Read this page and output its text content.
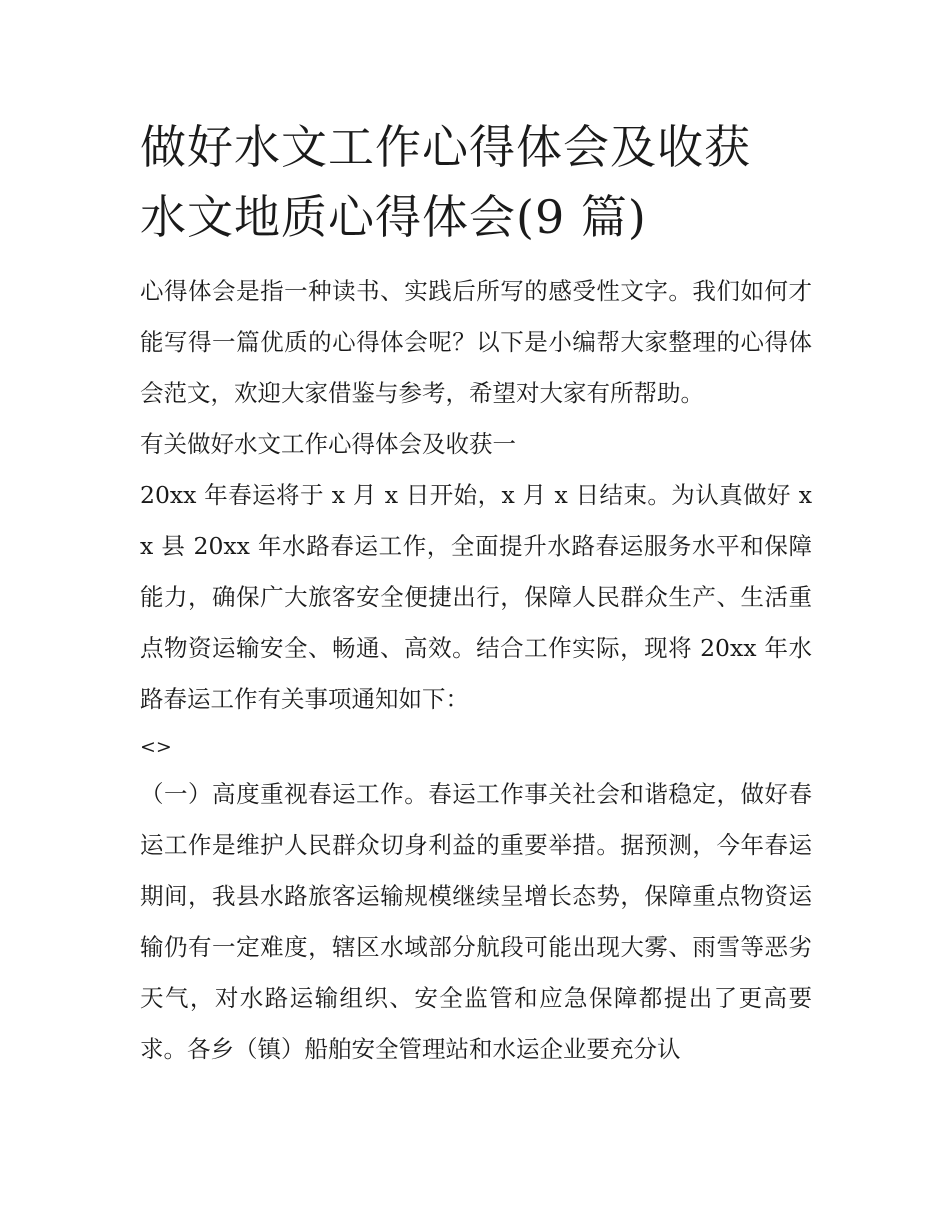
做好水文工作心得体会及收获
水文地质心得体会(9 篇)

心得体会是指一种读书、实践后所写的感受性文字。我们如何才能写得一篇优质的心得体会呢？以下是小编帮大家整理的心得体会范文，欢迎大家借鉴与参考，希望对大家有所帮助。

有关做好水文工作心得体会及收获一

20xx 年春运将于 x 月 x 日开始，x 月 x 日结束。为认真做好 xx 县 20xx 年水路春运工作，全面提升水路春运服务水平和保障能力，确保广大旅客安全便捷出行，保障人民群众生产、生活重点物资运输安全、畅通、高效。结合工作实际，现将 20xx 年水路春运工作有关事项通知如下：

<>

（一）高度重视春运工作。春运工作事关社会和谐稳定，做好春运工作是维护人民群众切身利益的重要举措。据预测，今年春运期间，我县水路旅客运输规模继续呈增长态势，保障重点物资运输仍有一定难度，辖区水域部分航段可能出现大雾、雨雪等恶劣天气，对水路运输组织、安全监管和应急保障都提出了更高要求。各乡（镇）船舶安全管理站和水运企业要充分认
